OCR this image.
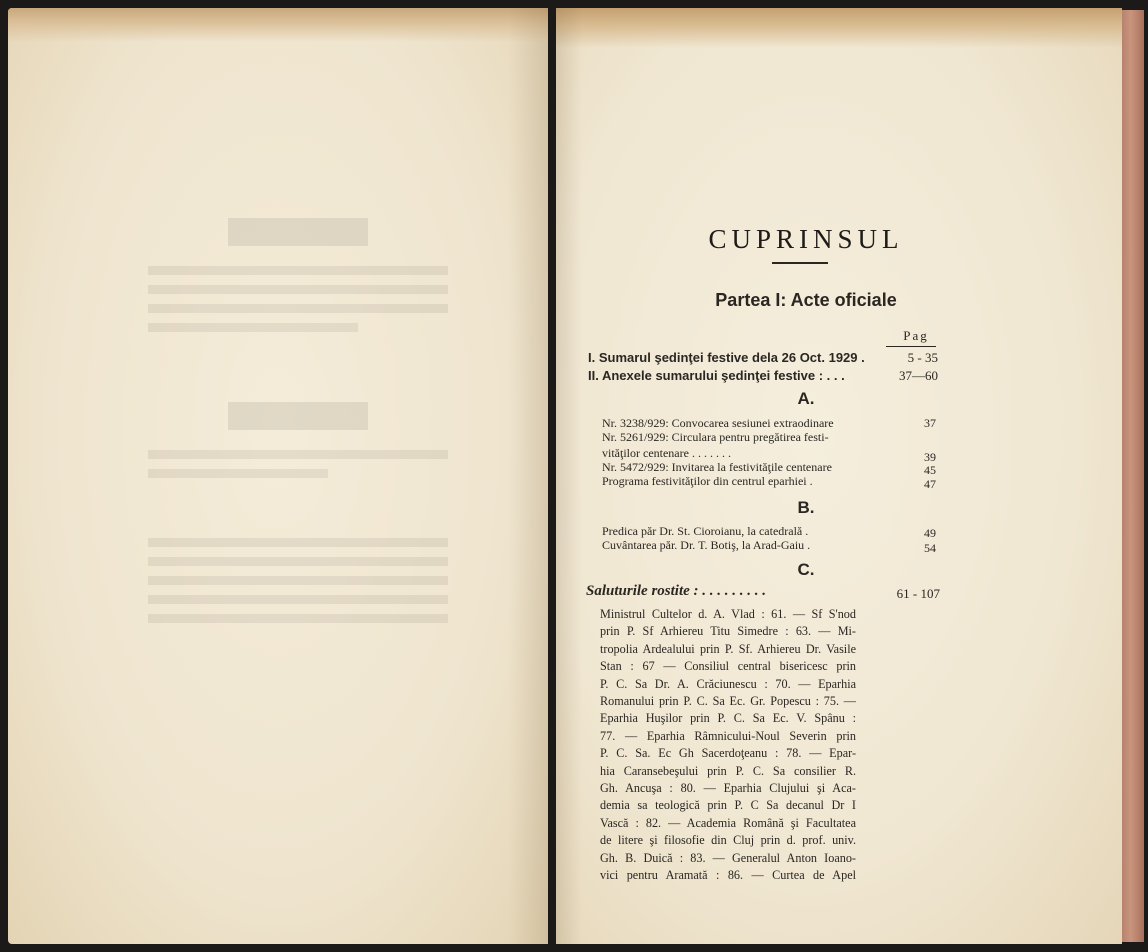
CUPRINSUL
Partea I: Acte oficiale
Pag
I. Sumarul şedinţei festive dela 26 Oct. 1929 .	5 - 35
II. Anexele sumarului şedinţei festive : . . .	37—60
A.
Nr. 3238/929: Convocarea sesiunei extraodinare	37
Nr. 5261/929: Circulara pentru pregătirea festi-
vităţilor centenare . . . . . . .	39
Nr. 5472/929: Invitarea la festivităţile centenare	45
Programa festivităţilor din centrul eparhiei .	47
B.
Predica păr Dr. St. Cioroianu, la catedrală .	49
Cuvântarea păr. Dr. T. Botiş, la Arad-Gaiu .	54
C.
Saluturile rostite : . . . . . . . . .	61 - 107
Ministrul Cultelor d. A. Vlad : 61. — Sf S'nod
prin P. Sf Arhiereu Titu Simedre : 63. — Mi-
tropolia Ardealului prin P. Sf. Arhiereu Dr. Vasile
Stan : 67 — Consiliul central bisericesc prin
P. C. Sa Dr. A. Crăciunescu : 70. — Eparhia
Romanului prin P. C. Sa Ec. Gr. Popescu : 75. —
Eparhia Huşilor prin P. C. Sa Ec. V. Spânu :
77. — Eparhia Râmnicului-Noul Severin prin
P. C. Sa. Ec Gh Sacerdoţeanu : 78. — Epar-
hia Caransebeşului prin P. C. Sa consilier R.
Gh. Ancuşa : 80. — Eparhia Clujului şi Aca-
demia sa teologică prin P. C Sa decanul Dr I
Vască : 82. — Academia Română şi Facultatea
de litere şi filosofie din Cluj prin d. prof. univ.
Gh. B. Duică : 83. — Generalul Anton Ioano-
vici pentru Aramată : 86. — Curtea de Apel
